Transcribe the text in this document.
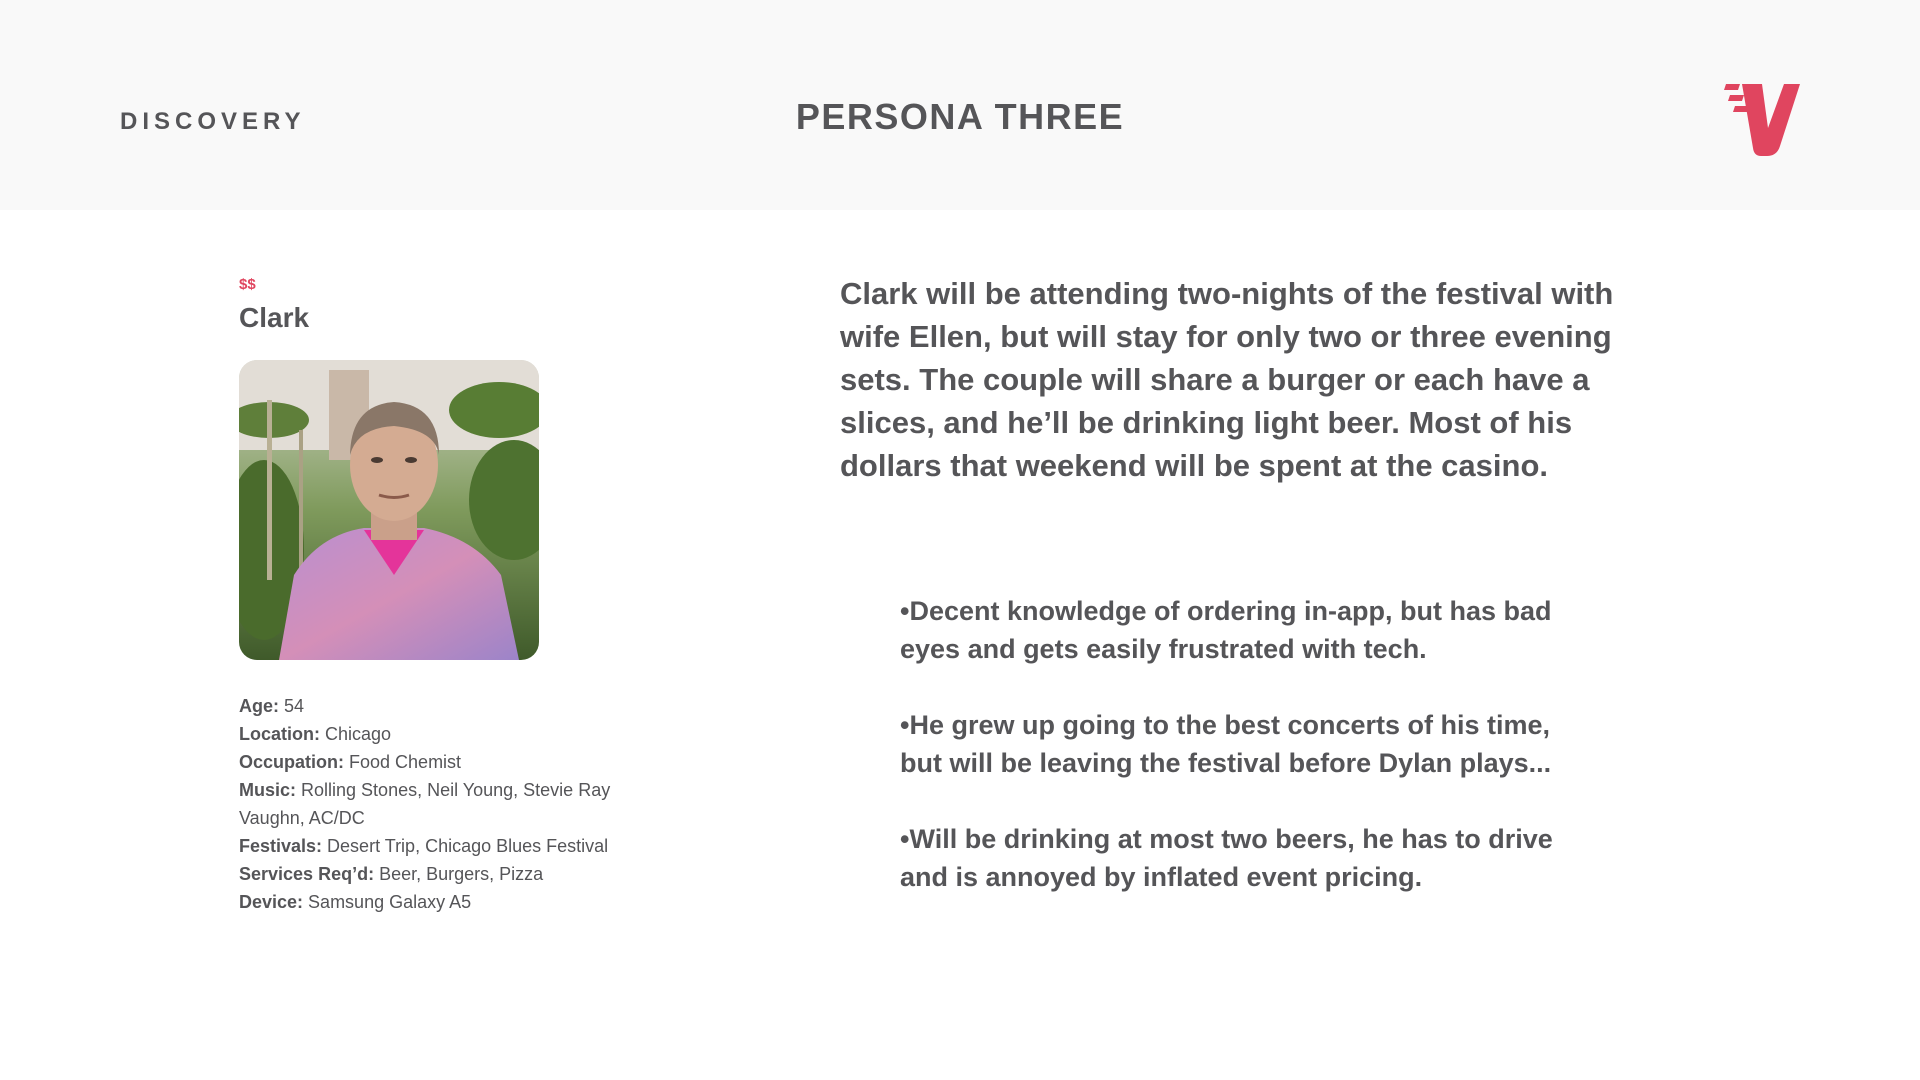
DISCOVERY	PERSONA THREE
$$
Clark
Age: 54
Location: Chicago
Occupation: Food Chemist
Music: Rolling Stones, Neil Young, Stevie Ray Vaughn, AC/DC
Festivals: Desert Trip, Chicago Blues Festival
Services Req’d: Beer, Burgers, Pizza
Device: Samsung Galaxy A5
Clark will be attending two-nights of the festival with wife Ellen, but will stay for only two or three evening sets. The couple will share a burger or each have a slices, and he’ll be drinking light beer. Most of his dollars that weekend will be spent at the casino.
•Decent knowledge of ordering in-app, but has bad eyes and gets easily frustrated with tech.
•He grew up going to the best concerts of his time, but will be leaving the festival before Dylan plays...
•Will be drinking at most two beers, he has to drive and is annoyed by inflated event pricing.
